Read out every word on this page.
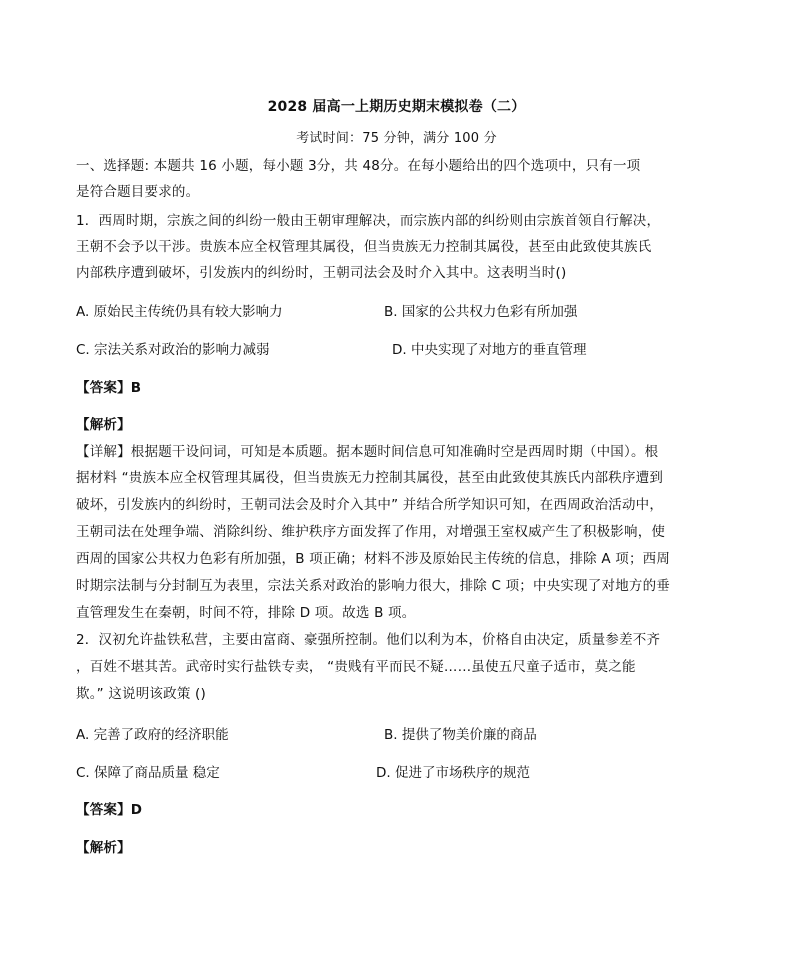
2028 届高一上期历史期末模拟卷（二）
考试时间：75 分钟，满分 100 分
一、选择题: 本题共 16 小题，每小题 3分，共 48分。在每小题给出的四个选项中，只有一项
是符合题目要求的。
1．西周时期，宗族之间的纠纷一般由王朝审理解决，而宗族内部的纠纷则由宗族首领自行解决，
王朝不会予以干涉。贵族本应全权管理其属役，但当贵族无力控制其属役，甚至由此致使其族氏
内部秩序遭到破坏，引发族内的纠纷时，王朝司法会及时介入其中。这表明当时()
A. 原始民主传统仍具有较大影响力	B. 国家的公共权力色彩有所加强
C. 宗法关系对政治的影响力减弱	D. 中央实现了对地方的垂直管理
【答案】B
【解析】
【详解】根据题干设问词，可知是本质题。据本题时间信息可知准确时空是西周时期（中国）。根
据材料 “贵族本应全权管理其属役，但当贵族无力控制其属役，甚至由此致使其族氏内部秩序遭到
破坏，引发族内的纠纷时，王朝司法会及时介入其中” 并结合所学知识可知，在西周政治活动中，
王朝司法在处理争端、消除纠纷、维护秩序方面发挥了作用，对增强王室权威产生了积极影响，使
西周的国家公共权力色彩有所加强，B 项正确；材料不涉及原始民主传统的信息，排除 A 项；西周
时期宗法制与分封制互为表里，宗法关系对政治的影响力很大，排除 C 项；中央实现了对地方的垂
直管理发生在秦朝，时间不符，排除 D 项。故选 B 项。
2．汉初允许盐铁私营，主要由富商、豪强所控制。他们以利为本，价格自由决定，质量参差不齐
，百姓不堪其苦。武帝时实行盐铁专卖， “贵贱有平而民不疑……虽使五尺童子适市，莫之能
欺。” 这说明该政策 ()
A. 完善了政府的经济职能	B. 提供了物美价廉的商品
C. 保障了商品质量 稳定	D. 促进了市场秩序的规范
【答案】D
【解析】
